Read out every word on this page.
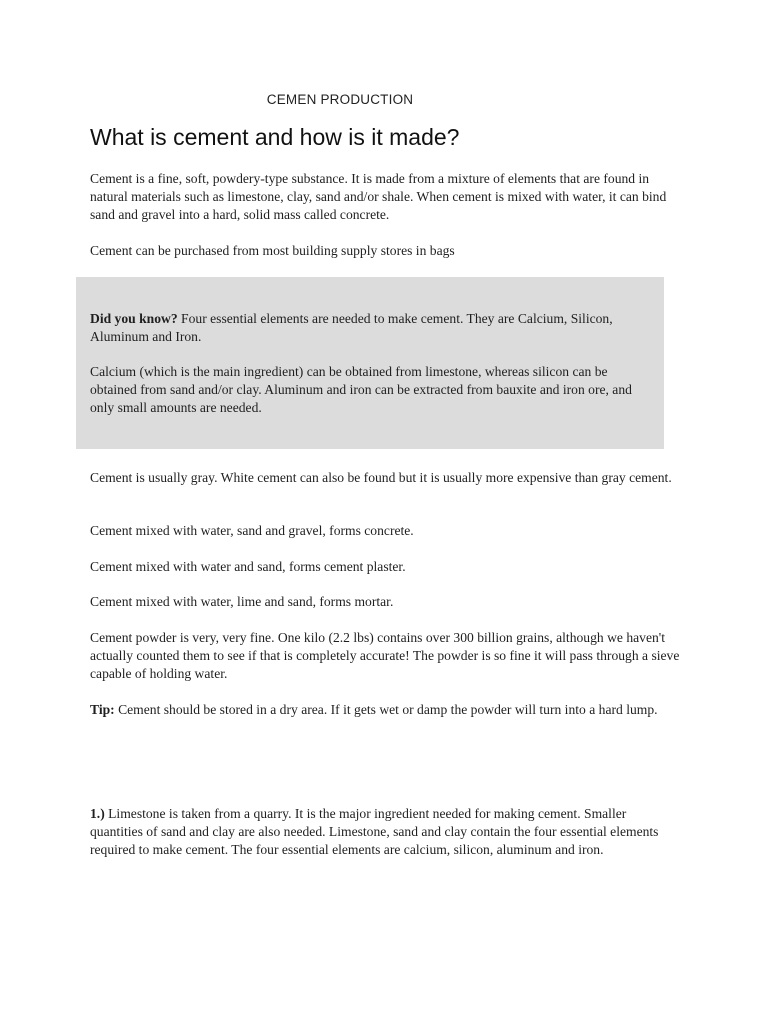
CEMEN PRODUCTION

What is cement and how is it made?

Cement is a fine, soft, powdery-type substance. It is made from a mixture of elements that are found in natural materials such as limestone, clay, sand and/or shale. When cement is mixed with water, it can bind sand and gravel into a hard, solid mass called concrete.

Cement can be purchased from most building supply stores in bags

Did you know? Four essential elements are needed to make cement. They are Calcium, Silicon, Aluminum and Iron.

Calcium (which is the main ingredient) can be obtained from limestone, whereas silicon can be obtained from sand and/or clay. Aluminum and iron can be extracted from bauxite and iron ore, and only small amounts are needed.

Cement is usually gray. White cement can also be found but it is usually more expensive than gray cement.

Cement mixed with water, sand and gravel, forms concrete.

Cement mixed with water and sand, forms cement plaster.

Cement mixed with water, lime and sand, forms mortar.

Cement powder is very, very fine. One kilo (2.2 lbs) contains over 300 billion grains, although we haven't actually counted them to see if that is completely accurate! The powder is so fine it will pass through a sieve capable of holding water.

Tip: Cement should be stored in a dry area. If it gets wet or damp the powder will turn into a hard lump.

1.) Limestone is taken from a quarry. It is the major ingredient needed for making cement. Smaller quantities of sand and clay are also needed. Limestone, sand and clay contain the four essential elements required to make cement. The four essential elements are calcium, silicon, aluminum and iron.
